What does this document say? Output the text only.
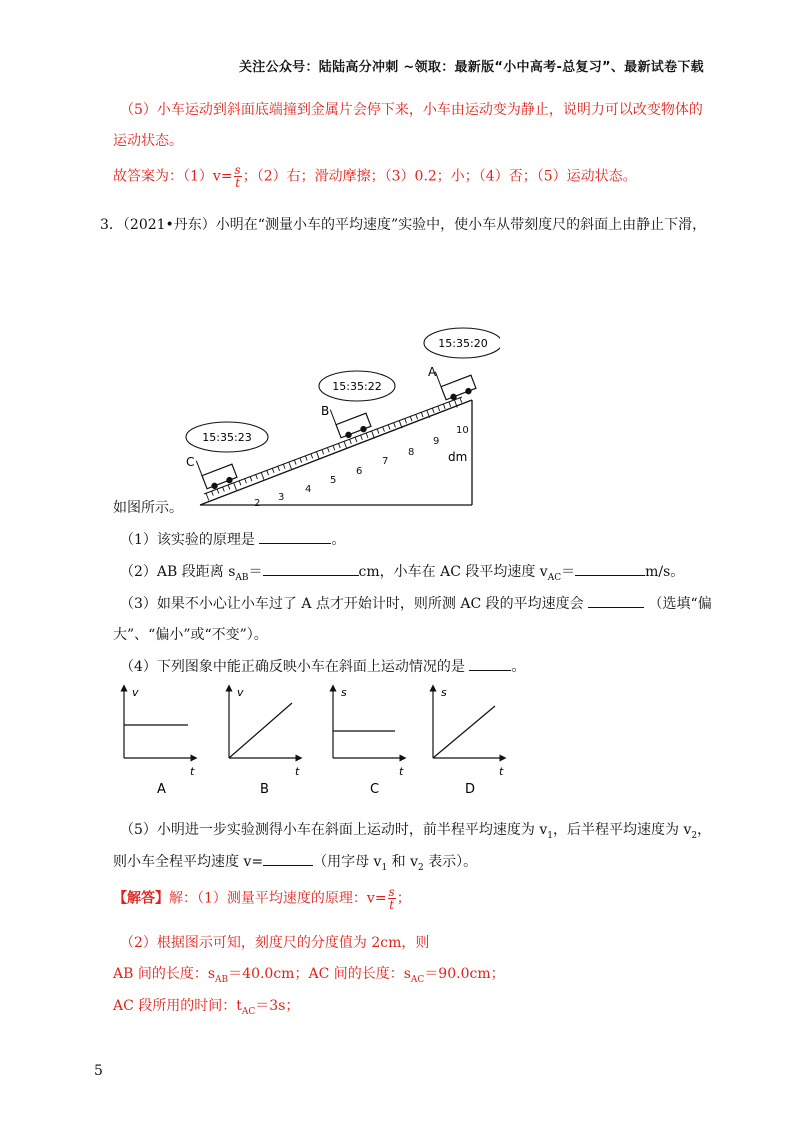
关注公众号：陆陆高分冲刺 ~领取：最新版“小中高考-总复习”、最新试卷下载
（5）小车运动到斜面底端撞到金属片会停下来，小车由运动变为静止，说明力可以改变物体的
运动状态。
故答案为：$(1)v= \frac{s}{t}$ ；（2）右；滑动摩擦；（3）0.2；小；（4）否；（5）运动状态。
3．（2021•丹东）小明在“测量小车的平均速度”实验中，使小车从带刻度尺的斜面上由静止下滑，
2
3
4
5
6
7
8
9
10
dm
C
B
A
15:35:23
15:35:22
15:35:20
如图所示。
（1）该实验的原理是	。
（2）AB 段距离 $s_{AB}=$	cm，小车在 AC 段平均速度 $v_{AC}=$	m/s。
（3）如果不小心让小车过了 A 点才开始计时，则所测 AC 段的平均速度会	（选填“偏
大”、“偏小”或“不变”）。
（4）下列图象中能正确反映小车在斜面上运动情况的是	。
v
t
A
v
t
B
s
t
C
s
t
D
（5）小明进一步实验测得小车在斜面上运动时，前半程平均速度为 $v_1$，后半程平均速度为 $v_2$，
则小车全程平均速度 v=	（用字母 $v_1$ 和 $v_2$ 表示）。
【解答】解：（1）测量平均速度的原理：$v= \frac{s}{t}$ ；
（2）根据图示可知，刻度尺的分度值为 2cm，则
AB 间的长度：$s_{AB}=40.0cm$；AC 间的长度：$s_{AC}=90.0cm$；
AC 段所用的时间：$t_{AC}=3s$；
5
